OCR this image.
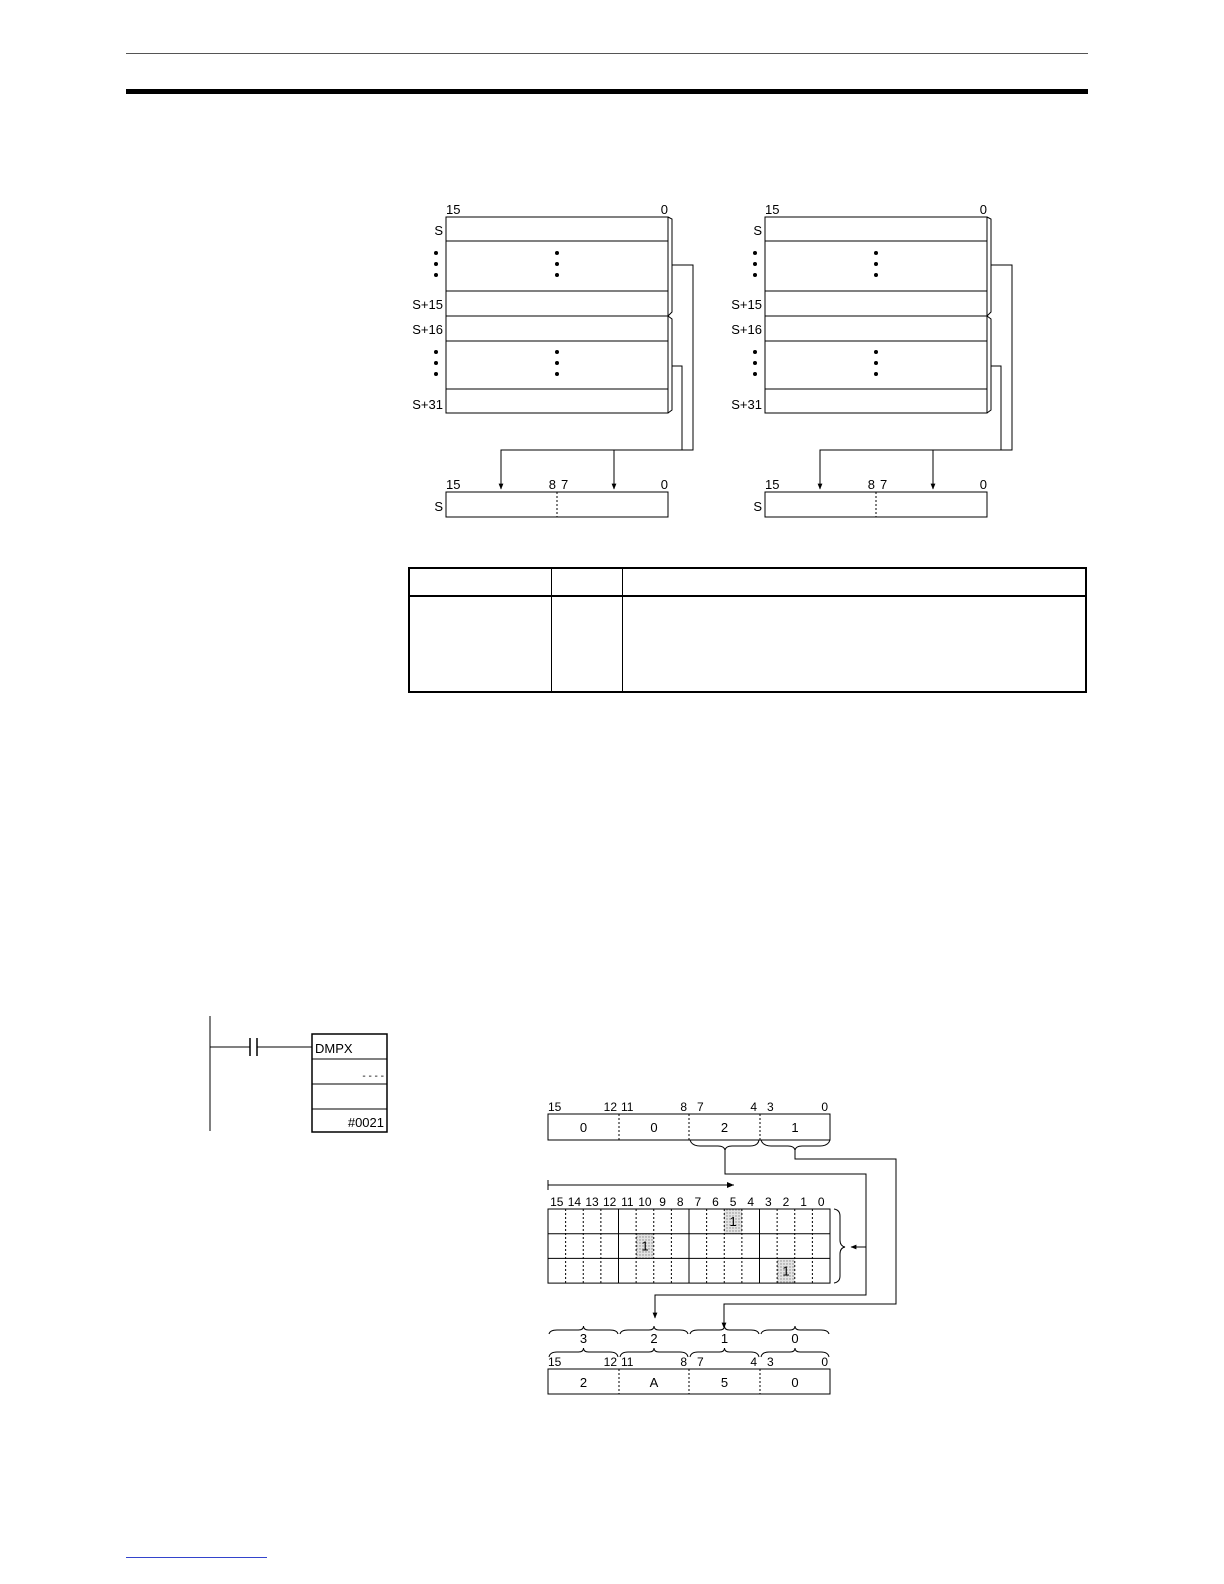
15	0
S
S+15
S+16
S+31
15	8 7	0
S
15	0
S
S+15
S+16
S+31
15	8 7	0
S
DMPX
- - - -
#0021
15	12 11	8 7	4 3	0
0	0	2	1
15 14 13 12 11 10 9 8 7 6 5 4 3 2 1 0
1
1
1
3	2	1	0
15	12 11	8 7	4 3	0
2	A	5	0
